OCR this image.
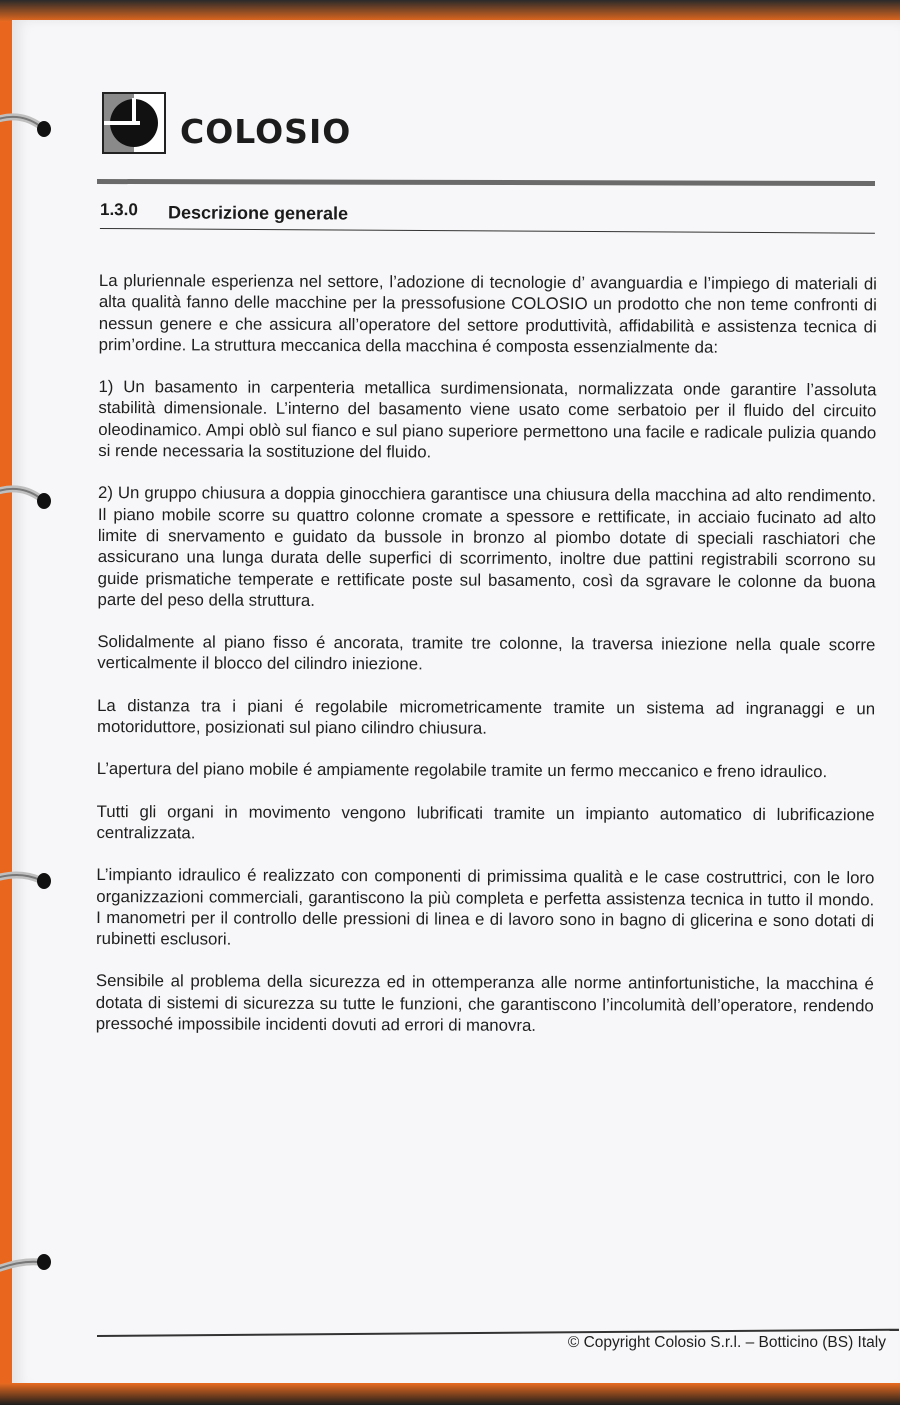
COLOSIO
1.3.0 Descrizione generale

La pluriennale esperienza nel settore, l’adozione di tecnologie d’ avanguardia e l’impiego di materiali di alta qualità fanno delle macchine per la pressofusione COLOSIO un prodotto che non teme confronti di nessun genere e che assicura all’operatore del settore produttività, affidabilità e assistenza tecnica di prim’ordine. La struttura meccanica della macchina é composta essenzialmente da:

1) Un basamento in carpenteria metallica surdimensionata, normalizzata onde garantire l’assoluta stabilità dimensionale. L’interno del basamento viene usato come serbatoio per il fluido del circuito oleodinamico. Ampi oblò sul fianco e sul piano superiore permettono una facile e radicale pulizia quando si rende necessaria la sostituzione del fluido.

2) Un gruppo chiusura a doppia ginocchiera garantisce una chiusura della macchina ad alto rendimento. Il piano mobile scorre su quattro colonne cromate a spessore e rettificate, in acciaio fucinato ad alto limite di snervamento e guidato da bussole in bronzo al piombo dotate di speciali raschiatori che assicurano una lunga durata delle superfici di scorrimento, inoltre due pattini registrabili scorrono su guide prismatiche temperate e rettificate poste sul basamento, così da sgravare le colonne da buona parte del peso della struttura.

Solidalmente al piano fisso é ancorata, tramite tre colonne, la traversa iniezione nella quale scorre verticalmente il blocco del cilindro iniezione.

La distanza tra i piani é regolabile micrometricamente tramite un sistema ad ingranaggi e un motoriduttore, posizionati sul piano cilindro chiusura.

L’apertura del piano mobile é ampiamente regolabile tramite un fermo meccanico e freno idraulico.

Tutti gli organi in movimento vengono lubrificati tramite un impianto automatico di lubrificazione centralizzata.

L’impianto idraulico é realizzato con componenti di primissima qualità e le case costruttrici, con le loro organizzazioni commerciali, garantiscono la più completa e perfetta assistenza tecnica in tutto il mondo. I manometri per il controllo delle pressioni di linea e di lavoro sono in bagno di glicerina e sono dotati di rubinetti esclusori.

Sensibile al problema della sicurezza ed in ottemperanza alle norme antinfortunistiche, la macchina é dotata di sistemi di sicurezza su tutte le funzioni, che garantiscono l’incolumità dell’operatore, rendendo pressoché impossibile incidenti dovuti ad errori di manovra.

© Copyright Colosio S.r.l. – Botticino (BS) Italy
